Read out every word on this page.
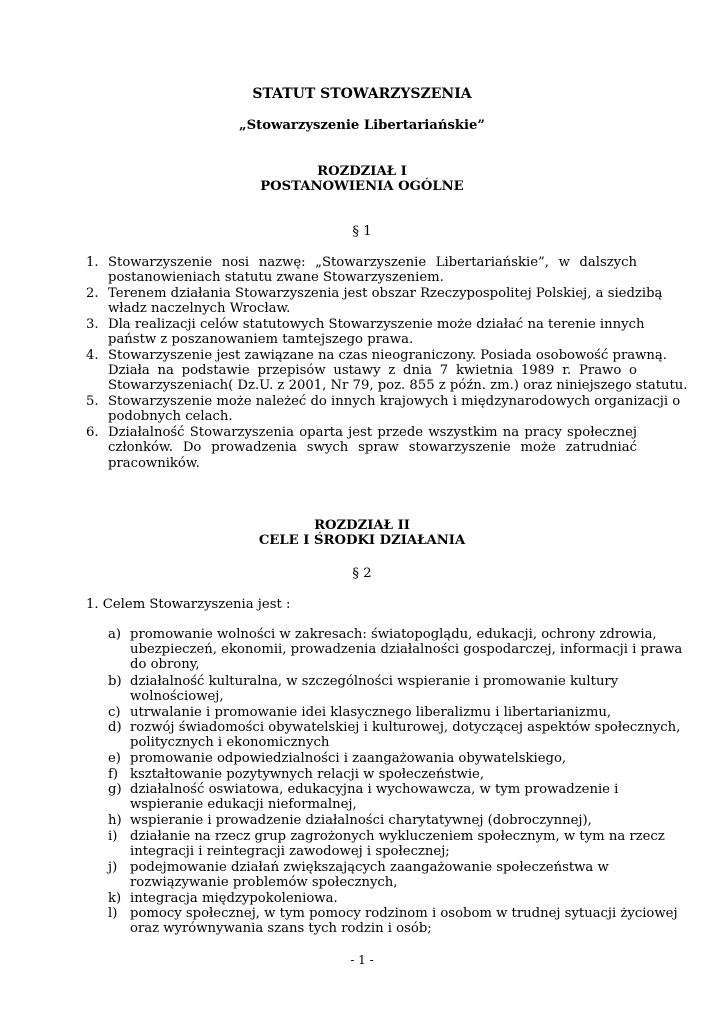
STATUT STOWARZYSZENIA
„Stowarzyszenie Libertariańskie”
ROZDZIAŁ I
POSTANOWIENIA OGÓLNE
§ 1
1. Stowarzyszenie nosi nazwę: „Stowarzyszenie Libertariańskie”, w dalszych
postanowieniach statutu zwane Stowarzyszeniem.
2. Terenem działania Stowarzyszenia jest obszar Rzeczypospolitej Polskiej, a siedzibą
władz naczelnych Wrocław.
3. Dla realizacji celów statutowych Stowarzyszenie może działać na terenie innych
państw z poszanowaniem tamtejszego prawa.
4. Stowarzyszenie jest zawiązane na czas nieograniczony. Posiada osobowość prawną.
Działa na podstawie przepisów ustawy z dnia 7 kwietnia 1989 r. Prawo o
Stowarzyszeniach( Dz.U. z 2001, Nr 79, poz. 855 z późn. zm.) oraz niniejszego statutu.
5. Stowarzyszenie może należeć do innych krajowych i międzynarodowych organizacji o
podobnych celach.
6. Działalność Stowarzyszenia oparta jest przede wszystkim na pracy społecznej
członków. Do prowadzenia swych spraw stowarzyszenie może zatrudniać
pracowników.
ROZDZIAŁ II
CELE I ŚRODKI DZIAŁANIA
§ 2
1. Celem Stowarzyszenia jest :
a) promowanie wolności w zakresach: światopoglądu, edukacji, ochrony zdrowia,
ubezpieczeń, ekonomii, prowadzenia działalności gospodarczej, informacji i prawa
do obrony,
b) działalność kulturalna, w szczególności wspieranie i promowanie kultury
wolnościowej,
c) utrwalanie i promowanie idei klasycznego liberalizmu i libertarianizmu,
d) rozwój świadomości obywatelskiej i kulturowej, dotyczącej aspektów społecznych,
politycznych i ekonomicznych
e) promowanie odpowiedzialności i zaangażowania obywatelskiego,
f) kształtowanie pozytywnych relacji w społeczeństwie,
g) działalność oswiatowa, edukacyjna i wychowawcza, w tym prowadzenie i
wspieranie edukacji nieformalnej,
h) wspieranie i prowadzenie działalności charytatywnej (dobroczynnej),
i) działanie na rzecz grup zagrożonych wykluczeniem społecznym, w tym na rzecz
integracji i reintegracji zawodowej i społecznej;
j) podejmowanie działań zwiększających zaangażowanie społeczeństwa w
rozwiązywanie problemów społecznych,
k) integracja międzypokoleniowa.
l) pomocy społecznej, w tym pomocy rodzinom i osobom w trudnej sytuacji życiowej
oraz wyrównywania szans tych rodzin i osób;
- 1 -
